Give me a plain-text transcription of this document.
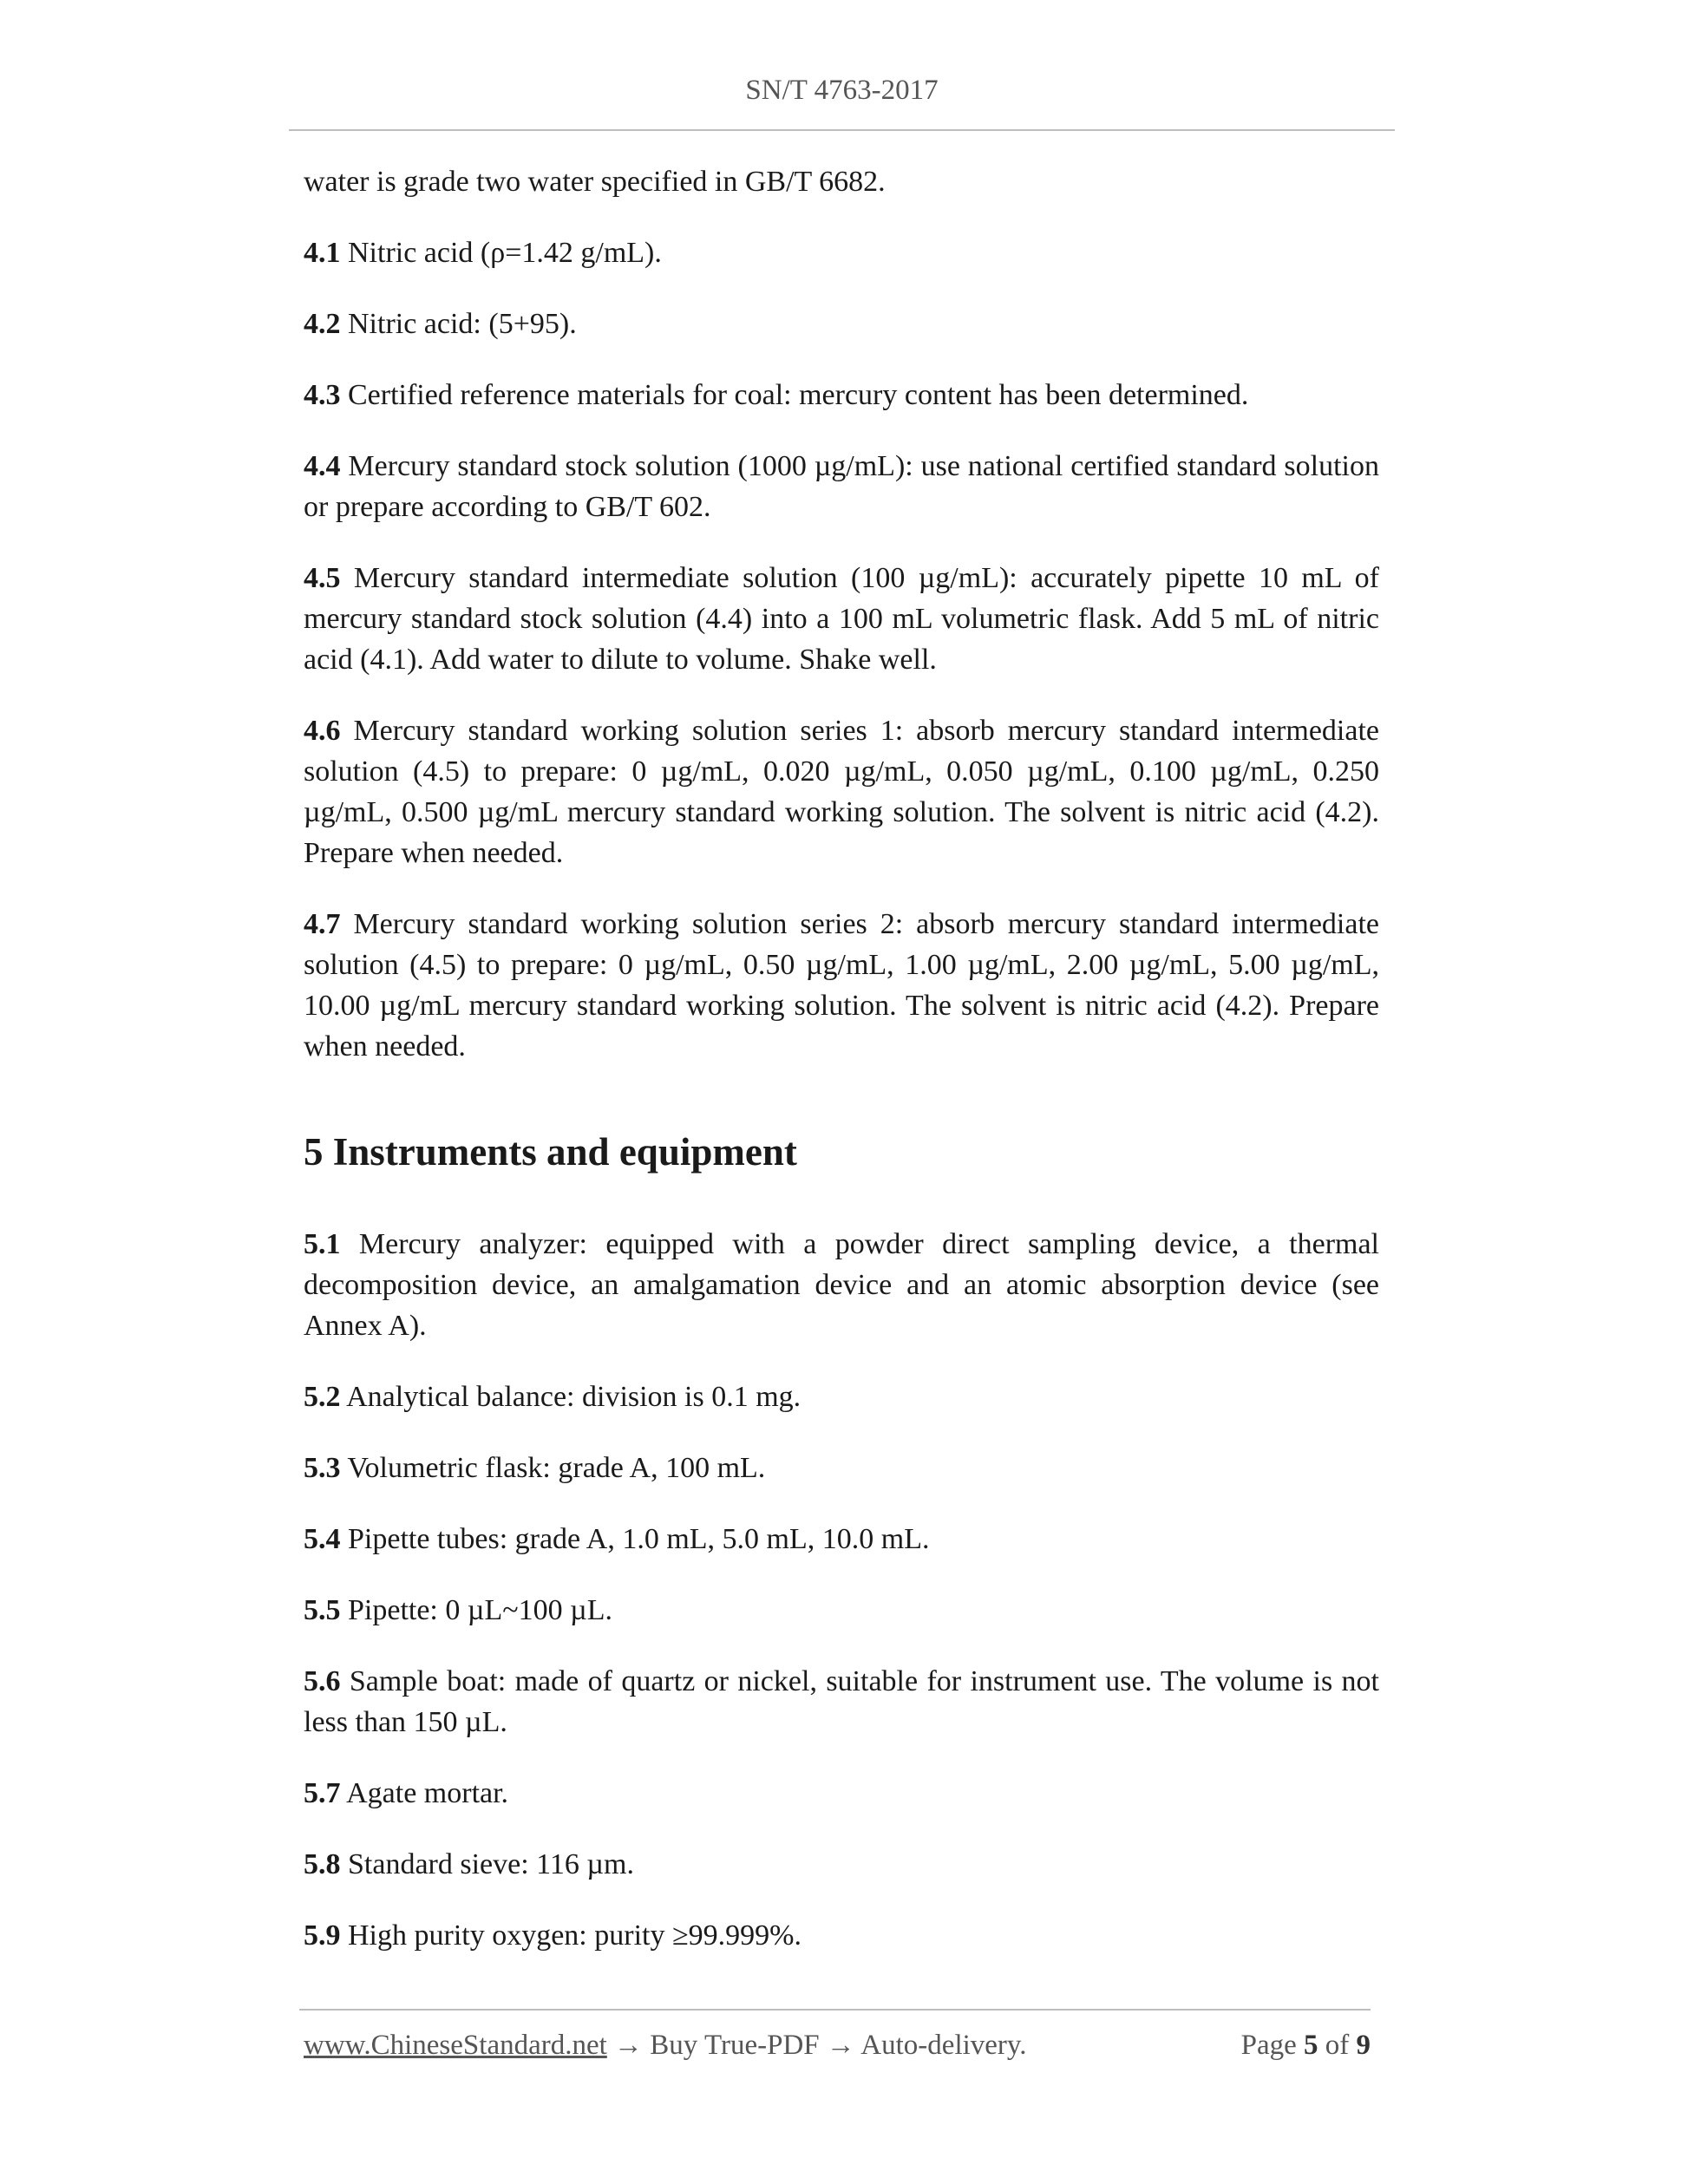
SN/T 4763-2017
water is grade two water specified in GB/T 6682.
4.1 Nitric acid (ρ=1.42 g/mL).
4.2 Nitric acid: (5+95).
4.3 Certified reference materials for coal: mercury content has been determined.
4.4 Mercury standard stock solution (1000 µg/mL): use national certified standard solution or prepare according to GB/T 602.
4.5 Mercury standard intermediate solution (100 µg/mL): accurately pipette 10 mL of mercury standard stock solution (4.4) into a 100 mL volumetric flask. Add 5 mL of nitric acid (4.1). Add water to dilute to volume. Shake well.
4.6 Mercury standard working solution series 1: absorb mercury standard intermediate solution (4.5) to prepare: 0 µg/mL, 0.020 µg/mL, 0.050 µg/mL, 0.100 µg/mL, 0.250 µg/mL, 0.500 µg/mL mercury standard working solution. The solvent is nitric acid (4.2). Prepare when needed.
4.7 Mercury standard working solution series 2: absorb mercury standard intermediate solution (4.5) to prepare: 0 µg/mL, 0.50 µg/mL, 1.00 µg/mL, 2.00 µg/mL, 5.00 µg/mL, 10.00 µg/mL mercury standard working solution. The solvent is nitric acid (4.2). Prepare when needed.
5 Instruments and equipment
5.1 Mercury analyzer: equipped with a powder direct sampling device, a thermal decomposition device, an amalgamation device and an atomic absorption device (see Annex A).
5.2 Analytical balance: division is 0.1 mg.
5.3 Volumetric flask: grade A, 100 mL.
5.4 Pipette tubes: grade A, 1.0 mL, 5.0 mL, 10.0 mL.
5.5 Pipette: 0 µL~100 µL.
5.6 Sample boat: made of quartz or nickel, suitable for instrument use. The volume is not less than 150 µL.
5.7 Agate mortar.
5.8 Standard sieve: 116 µm.
5.9 High purity oxygen: purity ≥99.999%.
www.ChineseStandard.net → Buy True-PDF → Auto-delivery.	Page 5 of 9
